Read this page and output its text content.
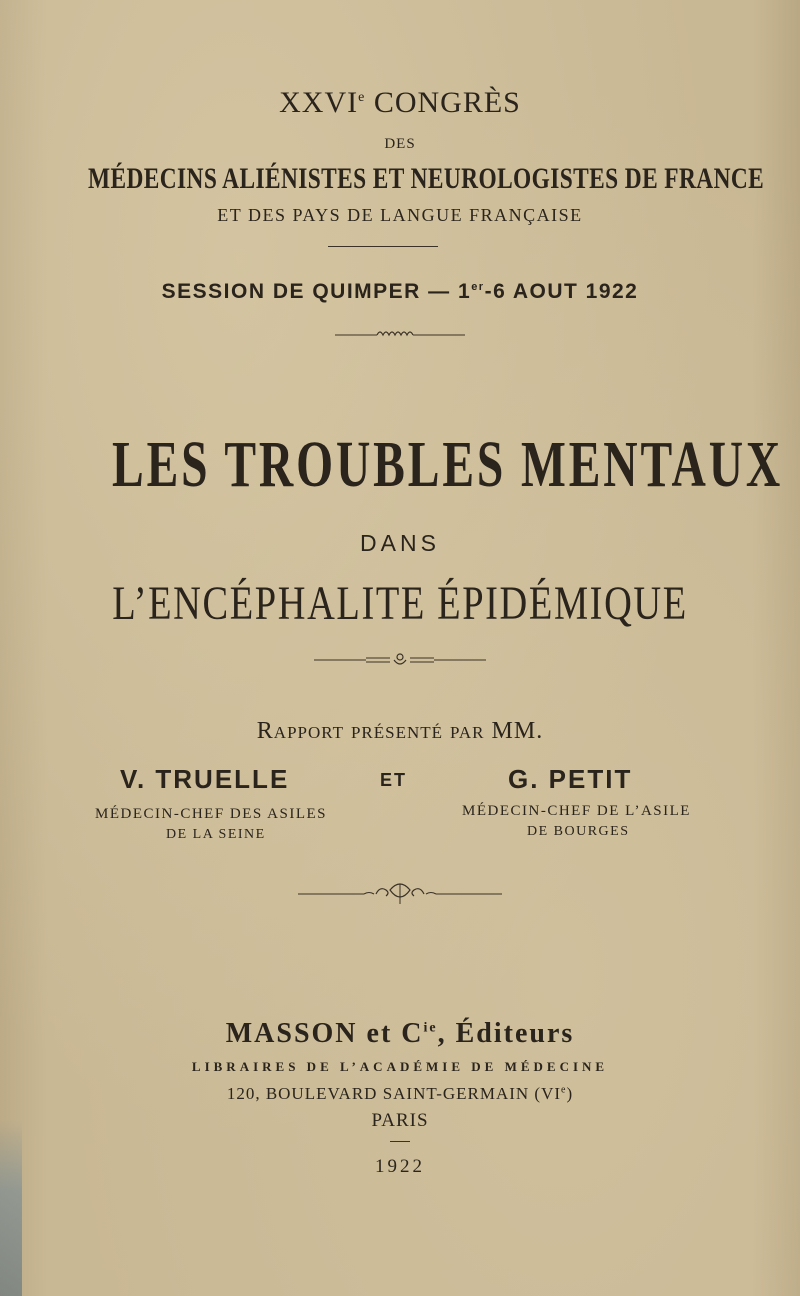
XXVIe CONGRÈS
DES
MÉDECINS ALIÉNISTES ET NEUROLOGISTES DE FRANCE
ET DES PAYS DE LANGUE FRANÇAISE
SESSION DE QUIMPER — 1er-6 AOUT 1922
LES TROUBLES MENTAUX
DANS
L’ENCÉPHALITE ÉPIDÉMIQUE
Rapport présenté par MM.
V. TRUELLE	ET	G. PETIT
MÉDECIN-CHEF DES ASILES
DE LA SEINE
MÉDECIN-CHEF DE L’ASILE
DE BOURGES
MASSON et $C^{ie}$, Éditeurs
LIBRAIRES DE L’ACADÉMIE DE MÉDECINE
120, BOULEVARD SAINT-GERMAIN (VIe)
PARIS
1922
